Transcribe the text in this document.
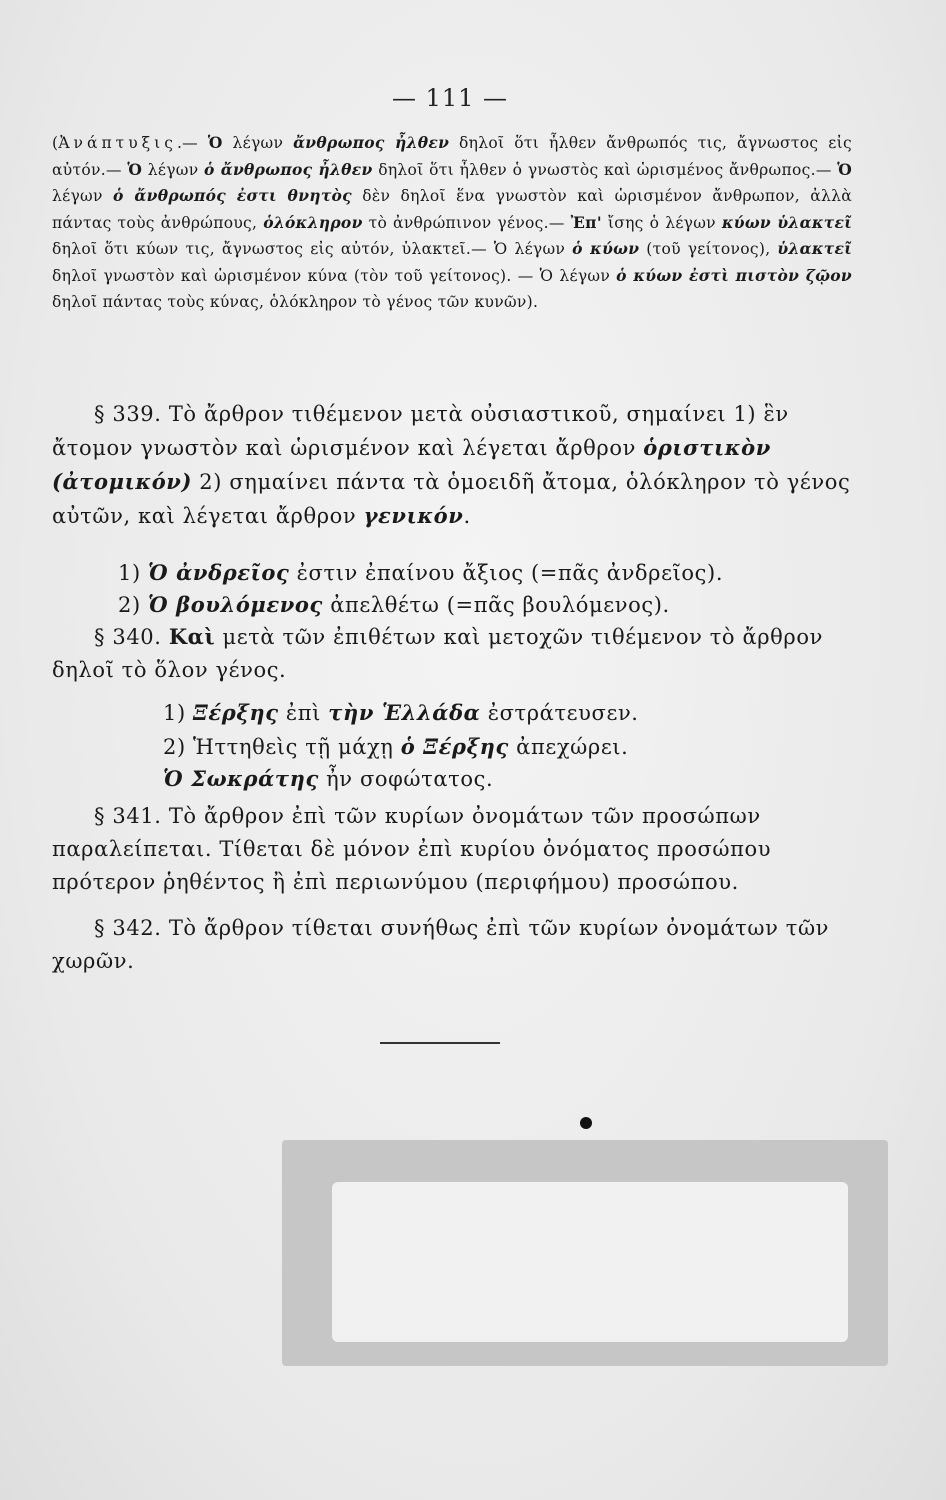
— 111 —
(Ἀνάπτυξις.— Ὁ λέγων ἄνθρωπος ἦλθεν δηλοῖ ὅτι ἦλθεν ἄνθρωπός τις, ἄγνωστος εἰς αὐτόν.— Ὁ λέγων ὁ ἄνθρωπος ἦλθεν δηλοῖ ὅτι ἦλθεν ὁ γνωστὸς καὶ ὡρισμένος ἄνθρωπος.— Ὁ λέγων ὁ ἄνθρωπός ἐστι θνητὸς δὲν δηλοῖ ἕνα γνωστὸν καὶ ὡρισμένον ἄνθρωπον, ἀλλὰ πάντας τοὺς ἀνθρώπους, ὁλόκληρον τὸ ἀνθρώπινον γένος.— Ἐπ' ἴσης ὁ λέγων κύων ὑλακτεῖ δηλοῖ ὅτι κύων τις, ἄγνωστος εἰς αὐτόν, ὑλακτεῖ.— Ὁ λέγων ὁ κύων (τοῦ γείτονος), ὑλακτεῖ δηλοῖ γνωστὸν καὶ ὡρισμένον κύνα (τὸν τοῦ γείτονος). — Ὁ λέγων ὁ κύων ἐστὶ πιστὸν ζῷον δηλοῖ πάντας τοὺς κύνας, ὁλόκληρον τὸ γένος τῶν κυνῶν).
§ 339. Τὸ ἄρθρον τιθέμενον μετὰ οὐσιαστικοῦ, σημαίνει 1) ἓν ἄτομον γνωστὸν καὶ ὡρισμένον καὶ λέγεται ἄρθρον ὁριστικὸν (ἀτομικόν) 2) σημαίνει πάντα τὰ ὁμοειδῆ ἄτομα, ὁλόκληρον τὸ γένος αὐτῶν, καὶ λέγεται ἄρθρον γενικόν.
1) Ὁ ἀνδρεῖος ἐστιν ἐπαίνου ἄξιος (=πᾶς ἀνδρεῖος).
2) Ὁ βουλόμενος ἀπελθέτω (=πᾶς βουλόμενος).
§ 340. Καὶ μετὰ τῶν ἐπιθέτων καὶ μετοχῶν τιθέμενον τὸ ἄρθρον δηλοῖ τὸ ὅλον γένος.
1) Ξέρξης ἐπὶ τὴν Ἑλλάδα ἐστράτευσεν.
2) Ἡττηθεὶς τῇ μάχῃ ὁ Ξέρξης ἀπεχώρει.
Ὁ Σωκράτης ἦν σοφώτατος.
§ 341. Τὸ ἄρθρον ἐπὶ τῶν κυρίων ὀνομάτων τῶν προσώπων παραλείπεται. Τίθεται δὲ μόνον ἐπὶ κυρίου ὀνόματος προσώπου πρότερον ῥηθέντος ἢ ἐπὶ περιωνύμου (περιφήμου) προσώπου.
§ 342. Τὸ ἄρθρον τίθεται συνήθως ἐπὶ τῶν κυρίων ὀνομάτων τῶν χωρῶν.
